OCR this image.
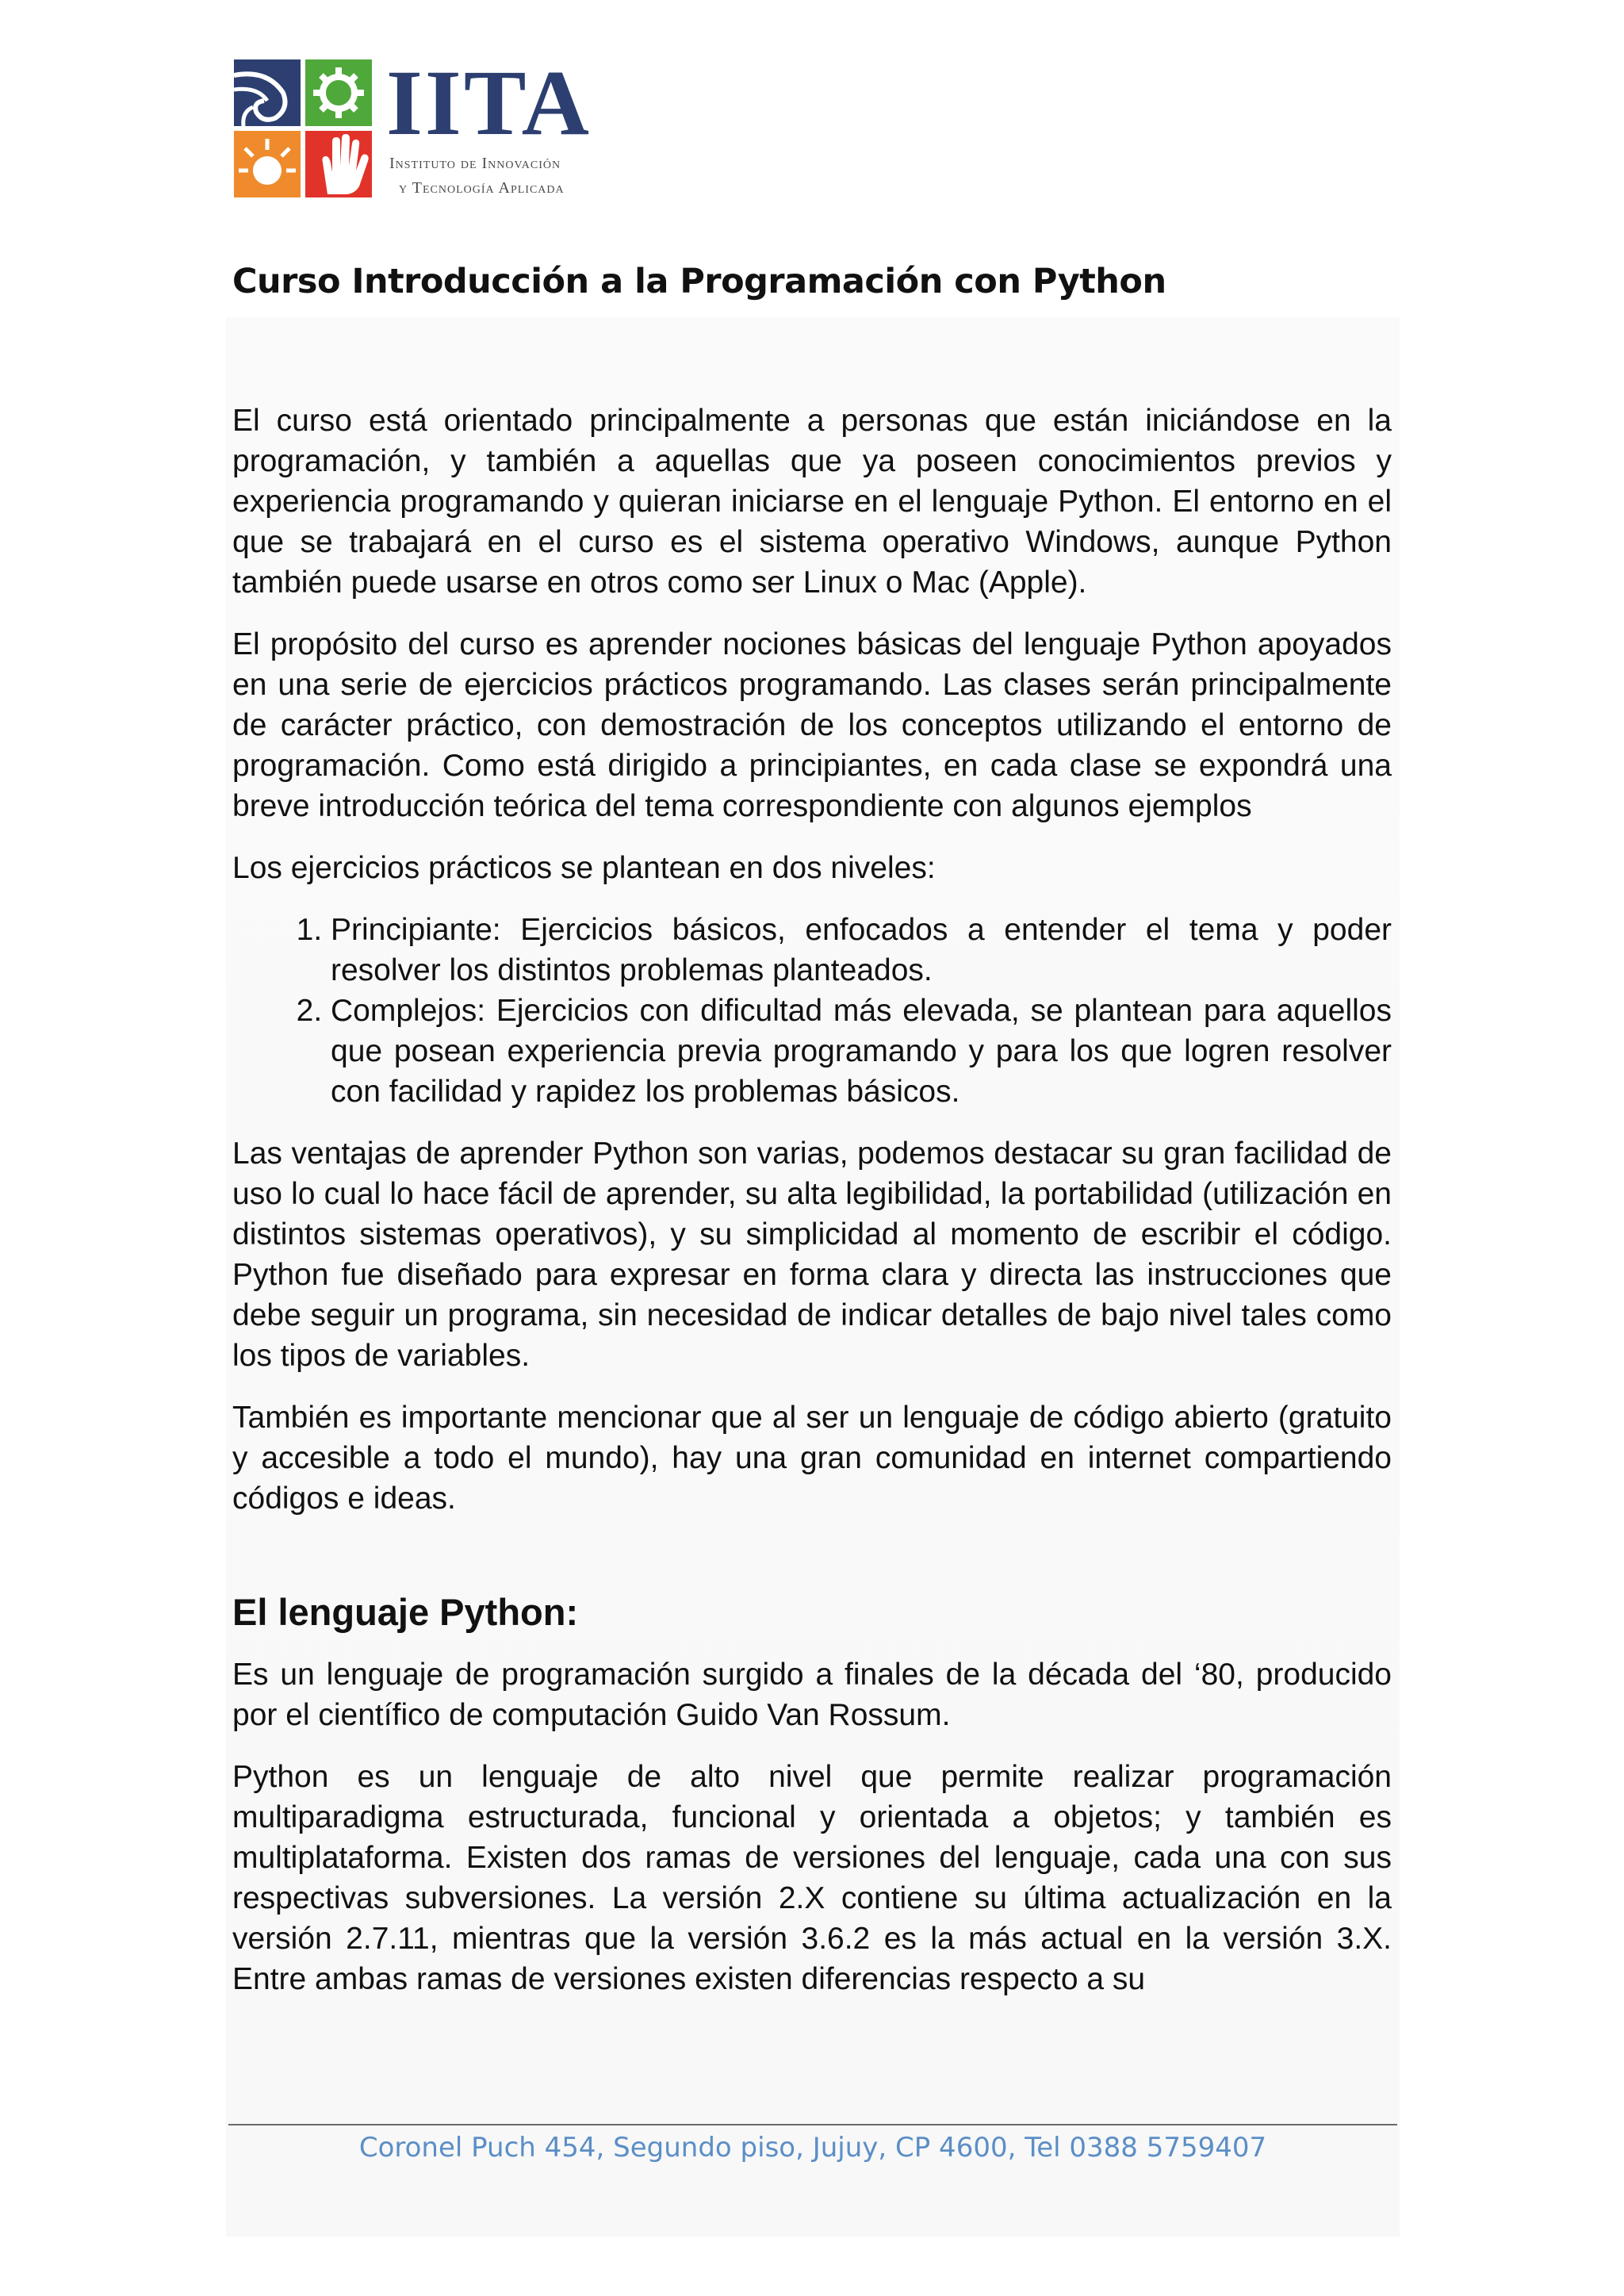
IITA
Instituto de Innovación
y Tecnología Aplicada
Curso Introducción a la Programación con Python

El curso está orientado principalmente a personas que están iniciándose en la programación, y también a aquellas que ya poseen conocimientos previos y experiencia programando y quieran iniciarse en el lenguaje Python. El entorno en el que se trabajará en el curso es el sistema operativo Windows, aunque Python también puede usarse en otros como ser Linux o Mac (Apple).

El propósito del curso es aprender nociones básicas del lenguaje Python apoyados en una serie de ejercicios prácticos programando. Las clases serán principalmente de carácter práctico, con demostración de los conceptos utilizando el entorno de programación. Como está dirigido a principiantes, en cada clase se expondrá una breve introducción teórica del tema correspondiente con algunos ejemplos

Los ejercicios prácticos se plantean en dos niveles:

1. Principiante: Ejercicios básicos, enfocados a entender el tema y poder resolver los distintos problemas planteados.
2. Complejos: Ejercicios con dificultad más elevada, se plantean para aquellos que posean experiencia previa programando y para los que logren resolver con facilidad y rapidez los problemas básicos.

Las ventajas de aprender Python son varias, podemos destacar su gran facilidad de uso lo cual lo hace fácil de aprender, su alta legibilidad, la portabilidad (utilización en distintos sistemas operativos), y su simplicidad al momento de escribir el código. Python fue diseñado para expresar en forma clara y directa las instrucciones que debe seguir un programa, sin necesidad de indicar detalles de bajo nivel tales como los tipos de variables.

También es importante mencionar que al ser un lenguaje de código abierto (gratuito y accesible a todo el mundo), hay una gran comunidad en internet compartiendo códigos e ideas.

El lenguaje Python:

Es un lenguaje de programación surgido a finales de la década del ‘80, producido por el científico de computación Guido Van Rossum.

Python es un lenguaje de alto nivel que permite realizar programación multiparadigma estructurada, funcional y orientada a objetos; y también es multiplataforma. Existen dos ramas de versiones del lenguaje, cada una con sus respectivas subversiones. La versión 2.X contiene su última actualización en la versión 2.7.11, mientras que la versión 3.6.2 es la más actual en la versión 3.X. Entre ambas ramas de versiones existen diferencias respecto a su

Coronel Puch 454, Segundo piso, Jujuy, CP 4600, Tel 0388 5759407
